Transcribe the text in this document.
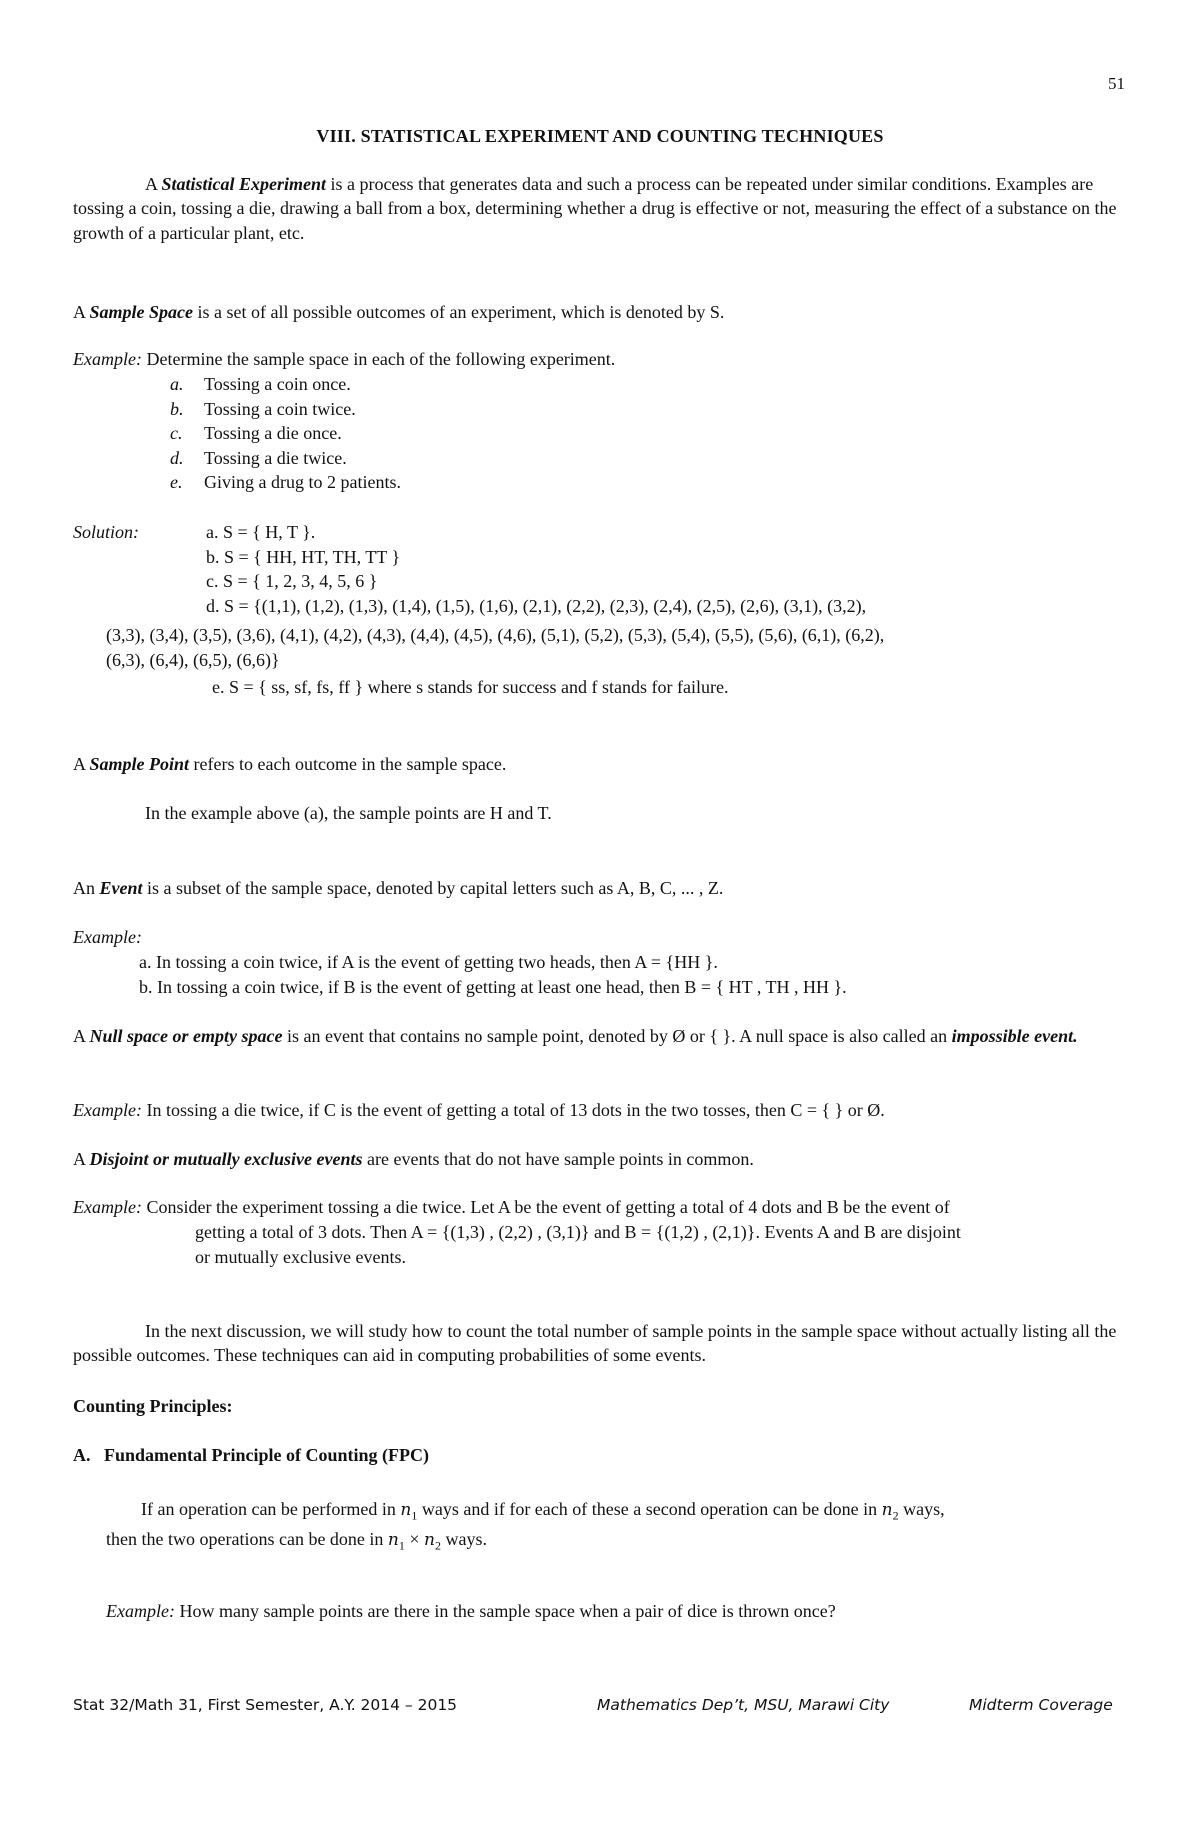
51
VIII. STATISTICAL EXPERIMENT AND COUNTING TECHNIQUES
A Statistical Experiment is a process that generates data and such a process can be repeated under similar conditions. Examples are tossing a coin, tossing a die, drawing a ball from a box, determining whether a drug is effective or not, measuring the effect of a substance on the growth of a particular plant, etc.
A Sample Space is a set of all possible outcomes of an experiment, which is denoted by S.
Example: Determine the sample space in each of the following experiment.
a.	Tossing a coin once.
b.	Tossing a coin twice.
c.	Tossing a die once.
d.	Tossing a die twice.
e.	Giving a drug to 2 patients.
Solution:	a. S = { H, T }.
b. S = { HH, HT, TH, TT }
c. S = { 1, 2, 3, 4, 5, 6 }
d. S = {(1,1), (1,2), (1,3), (1,4), (1,5), (1,6), (2,1), (2,2), (2,3), (2,4), (2,5), (2,6), (3,1), (3,2),
(3,3), (3,4), (3,5), (3,6), (4,1), (4,2), (4,3), (4,4), (4,5), (4,6), (5,1), (5,2), (5,3), (5,4), (5,5), (5,6), (6,1), (6,2),
(6,3), (6,4), (6,5), (6,6)}
e. S = { ss, sf, fs, ff } where s stands for success and f stands for failure.
A Sample Point refers to each outcome in the sample space.
In the example above (a), the sample points are H and T.
An Event is a subset of the sample space, denoted by capital letters such as A, B, C, ... , Z.
Example:
a. In tossing a coin twice, if A is the event of getting two heads, then A = {HH }.
b. In tossing a coin twice, if B is the event of getting at least one head, then B = { HT , TH , HH }.
A Null space or empty space is an event that contains no sample point, denoted by Ø or { }. A null space is also called an impossible event.
Example: In tossing a die twice, if C is the event of getting a total of 13 dots in the two tosses, then C = { } or Ø.
A Disjoint or mutually exclusive events are events that do not have sample points in common.
Example: Consider the experiment tossing a die twice. Let A be the event of getting a total of 4 dots and B be the event of
getting a total of 3 dots. Then A = {(1,3) , (2,2) , (3,1)} and B = {(1,2) , (2,1)}. Events A and B are disjoint
or mutually exclusive events.
In the next discussion, we will study how to count the total number of sample points in the sample space without actually listing all the possible outcomes. These techniques can aid in computing probabilities of some events.
Counting Principles:
A.   Fundamental Principle of Counting (FPC)
If an operation can be performed in $n_1$ ways and if for each of these a second operation can be done in $n_2$ ways,
then the two operations can be done in $n_1 \times n_2$ ways.
Example: How many sample points are there in the sample space when a pair of dice is thrown once?
Stat 32/Math 31, First Semester, A.Y. 2014 – 2015	Mathematics Dep’t, MSU, Marawi City	Midterm Coverage
